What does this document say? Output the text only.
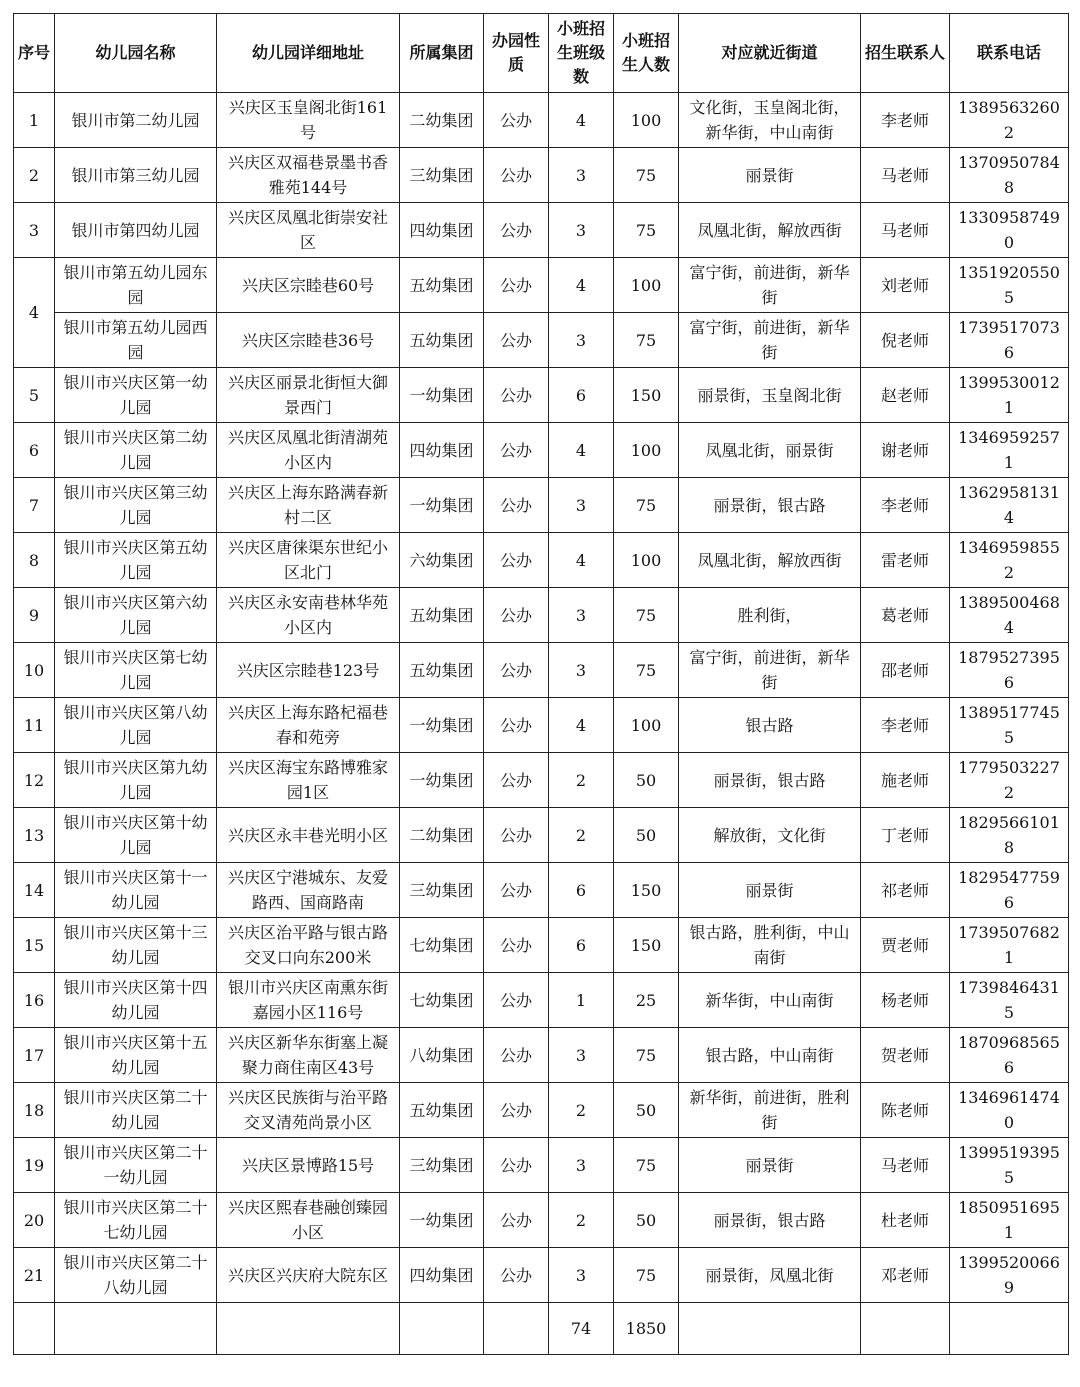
序号	幼儿园名称	幼儿园详细地址	所属集团	办园性质	小班招生班级数	小班招生人数	对应就近街道	招生联系人	联系电话
1	银川市第二幼儿园	兴庆区玉皇阁北街161号	二幼集团	公办	4	100	文化街，玉皇阁北街，新华街，中山南街	李老师	13895632602
2	银川市第三幼儿园	兴庆区双福巷景墨书香雅苑144号	三幼集团	公办	3	75	丽景街	马老师	13709507848
3	银川市第四幼儿园	兴庆区凤凰北街崇安社区	四幼集团	公办	3	75	凤凰北街，解放西街	马老师	13309587490
4	银川市第五幼儿园东园	兴庆区宗睦巷60号	五幼集团	公办	4	100	富宁街，前进街，新华街	刘老师	13519205505
	银川市第五幼儿园西园	兴庆区宗睦巷36号	五幼集团	公办	3	75	富宁街，前进街，新华街	倪老师	17395170736
5	银川市兴庆区第一幼儿园	兴庆区丽景北街恒大御景西门	一幼集团	公办	6	150	丽景街，玉皇阁北街	赵老师	13995300121
6	银川市兴庆区第二幼儿园	兴庆区凤凰北街清湖苑小区内	四幼集团	公办	4	100	凤凰北街，丽景街	谢老师	13469592571
7	银川市兴庆区第三幼儿园	兴庆区上海东路满春新村二区	一幼集团	公办	3	75	丽景街，银古路	李老师	13629581314
8	银川市兴庆区第五幼儿园	兴庆区唐徕渠东世纪小区北门	六幼集团	公办	4	100	凤凰北街，解放西街	雷老师	13469598552
9	银川市兴庆区第六幼儿园	兴庆区永安南巷林华苑小区内	五幼集团	公办	3	75	胜利街，	葛老师	13895004684
10	银川市兴庆区第七幼儿园	兴庆区宗睦巷123号	五幼集团	公办	3	75	富宁街，前进街，新华街	邵老师	18795273956
11	银川市兴庆区第八幼儿园	兴庆区上海东路杞福巷春和苑旁	一幼集团	公办	4	100	银古路	李老师	13895177455
12	银川市兴庆区第九幼儿园	兴庆区海宝东路博雅家园1区	一幼集团	公办	2	50	丽景街，银古路	施老师	17795032272
13	银川市兴庆区第十幼儿园	兴庆区永丰巷光明小区	二幼集团	公办	2	50	解放街，文化街	丁老师	18295661018
14	银川市兴庆区第十一幼儿园	兴庆区宁港城东、友爱路西、国商路南	三幼集团	公办	6	150	丽景街	祁老师	18295477596
15	银川市兴庆区第十三幼儿园	兴庆区治平路与银古路交叉口向东200米	七幼集团	公办	6	150	银古路，胜利街，中山南街	贾老师	17395076821
16	银川市兴庆区第十四幼儿园	银川市兴庆区南熏东街嘉园小区116号	七幼集团	公办	1	25	新华街，中山南街	杨老师	17398464315
17	银川市兴庆区第十五幼儿园	兴庆区新华东街塞上凝聚力商住南区43号	八幼集团	公办	3	75	银古路，中山南街	贺老师	18709685656
18	银川市兴庆区第二十幼儿园	兴庆区民族街与治平路交叉清苑尚景小区	五幼集团	公办	2	50	新华街，前进街，胜利街	陈老师	13469614740
19	银川市兴庆区第二十一幼儿园	兴庆区景博路15号	三幼集团	公办	3	75	丽景街	马老师	13995193955
20	银川市兴庆区第二十七幼儿园	兴庆区熙春巷融创臻园小区	一幼集团	公办	2	50	丽景街，银古路	杜老师	18509516951
21	银川市兴庆区第二十八幼儿园	兴庆区兴庆府大院东区	四幼集团	公办	3	75	丽景街，凤凰北街	邓老师	13995200669
					74	1850			
